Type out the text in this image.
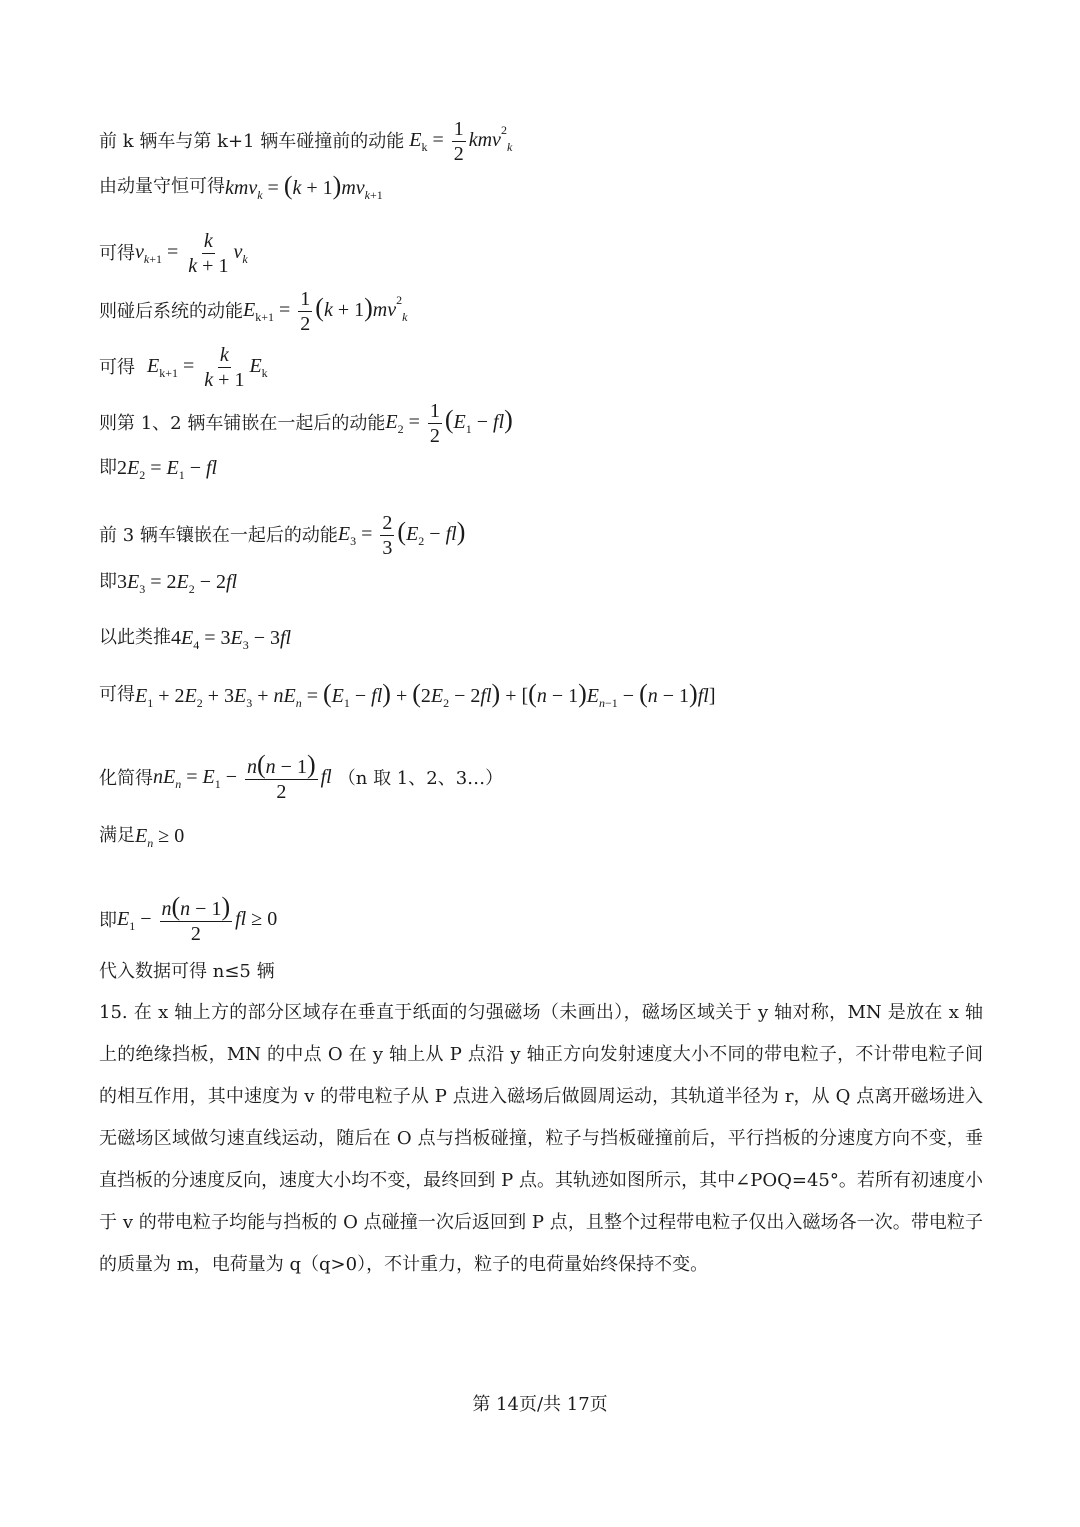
前 k 辆车与第 k+1 辆车碰撞前的动能 $E_k = \frac{1}{2} kmv^2_k$
由动量守恒可得 $kmv_k = (k + 1)mv_{k+1}$
可得 $v_{k+1} = \frac{k}{k + 1} v_k$
则碰后系统的动能 $E_{k+1} = \frac{1}{2} (k + 1)mv^2_k$
可得 $E_{k+1} = \frac{k}{k + 1} E_k$
则第 1、2 辆车铺嵌在一起后的动能 $E_2 = \frac{1}{2} (E_1 - fl)$
即 $2E_2 = E_1$ − fl
前 3 辆车镶嵌在一起后的动能 $E_3 = \frac{2}{3} (E_2 - fl)$
即 $3E_3 = 2E_2 - 2fl$
以此类推 $4E_4 = 3E_3 - 3fl$
可得 $E_1 + 2E_2 + 3E_3 + nE_n = (E_1 - fl) + (2E_2 - 2fl) + [(n - 1)E_{n-1} - (n - 1)fl]$
化简得 $nE_n = E_1 - \frac{n(n - 1)}{2}$ fl （n 取 1、2、3…）
满足 $E_n \ge 0$
即 $E_1 - \frac{n(n - 1)}{2}$ fl ≥ 0
代入数据可得 n≤5 辆
15. 在 x 轴上方的部分区域存在垂直于纸面的匀强磁场（未画出），磁场区域关于 y 轴对称，MN 是放在 x 轴上的绝缘挡板，MN 的中点 O 在 y 轴上从 P 点沿 y 轴正方向发射速度大小不同的带电粒子，不计带电粒子间的相互作用，其中速度为 v 的带电粒子从 P 点进入磁场后做圆周运动，其轨道半径为 r，从 Q 点离开磁场进入无磁场区域做匀速直线运动，随后在 O 点与挡板碰撞，粒子与挡板碰撞前后，平行挡板的分速度方向不变，垂直挡板的分速度反向，速度大小均不变，最终回到 P 点。其轨迹如图所示，其中∠POQ=45°。若所有初速度小于 v 的带电粒子均能与挡板的 O 点碰撞一次后返回到 P 点，且整个过程带电粒子仅出入磁场各一次。带电粒子的质量为 m，电荷量为 q（q>0），不计重力，粒子的电荷量始终保持不变。
第 14页/共 17页
